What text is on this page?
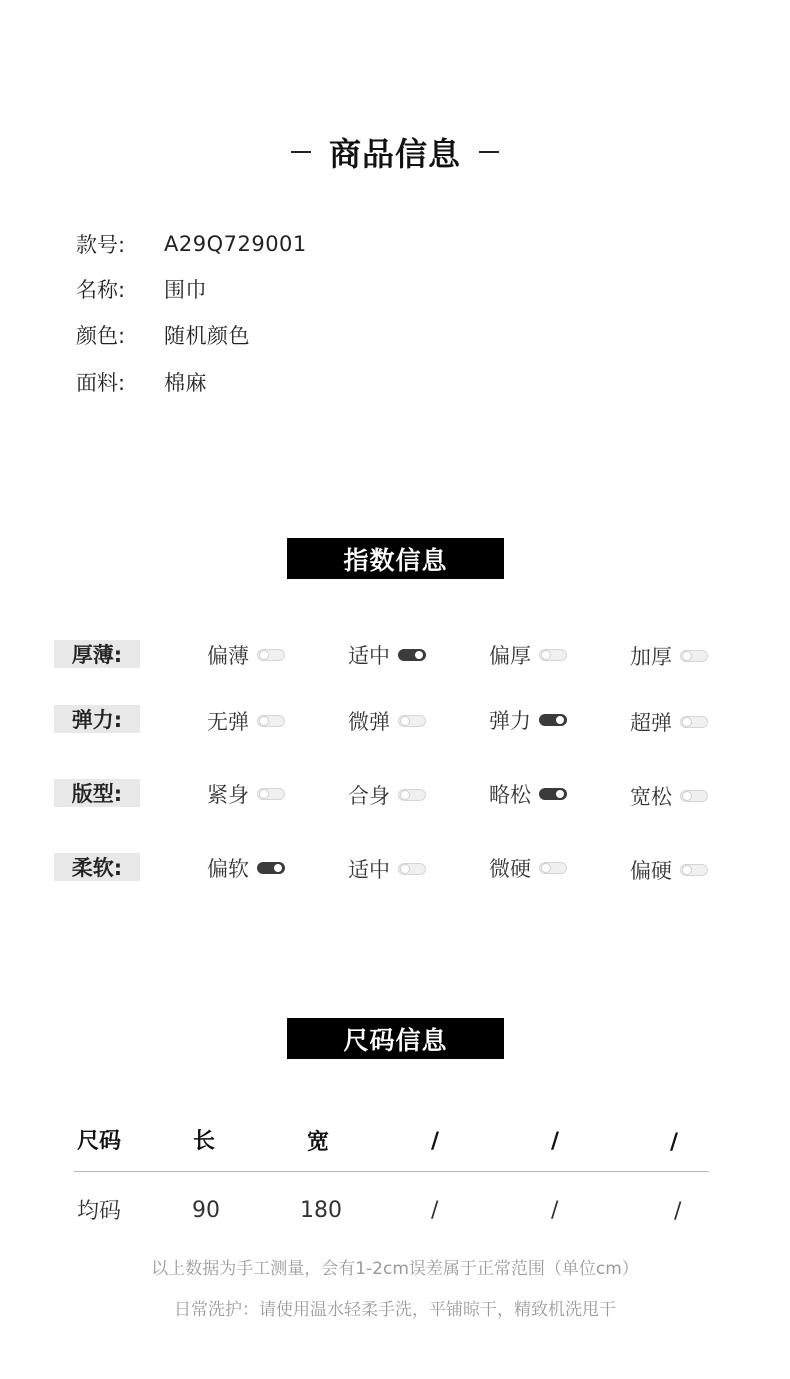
商品信息
款号:	A29Q729001
名称:	围巾
颜色:	随机颜色
面料:	棉麻
指数信息
厚薄:	偏薄	适中	偏厚	加厚
弹力:	无弹	微弹	弹力	超弹
版型:	紧身	合身	略松	宽松
柔软:	偏软	适中	微硬	偏硬
尺码信息
尺码	长	宽	/	/	/
均码	90	180	/	/	/
以上数据为手工测量，会有1-2cm误差属于正常范围（单位cm）
日常洗护：请使用温水轻柔手洗，平铺晾干，精致机洗甩干
